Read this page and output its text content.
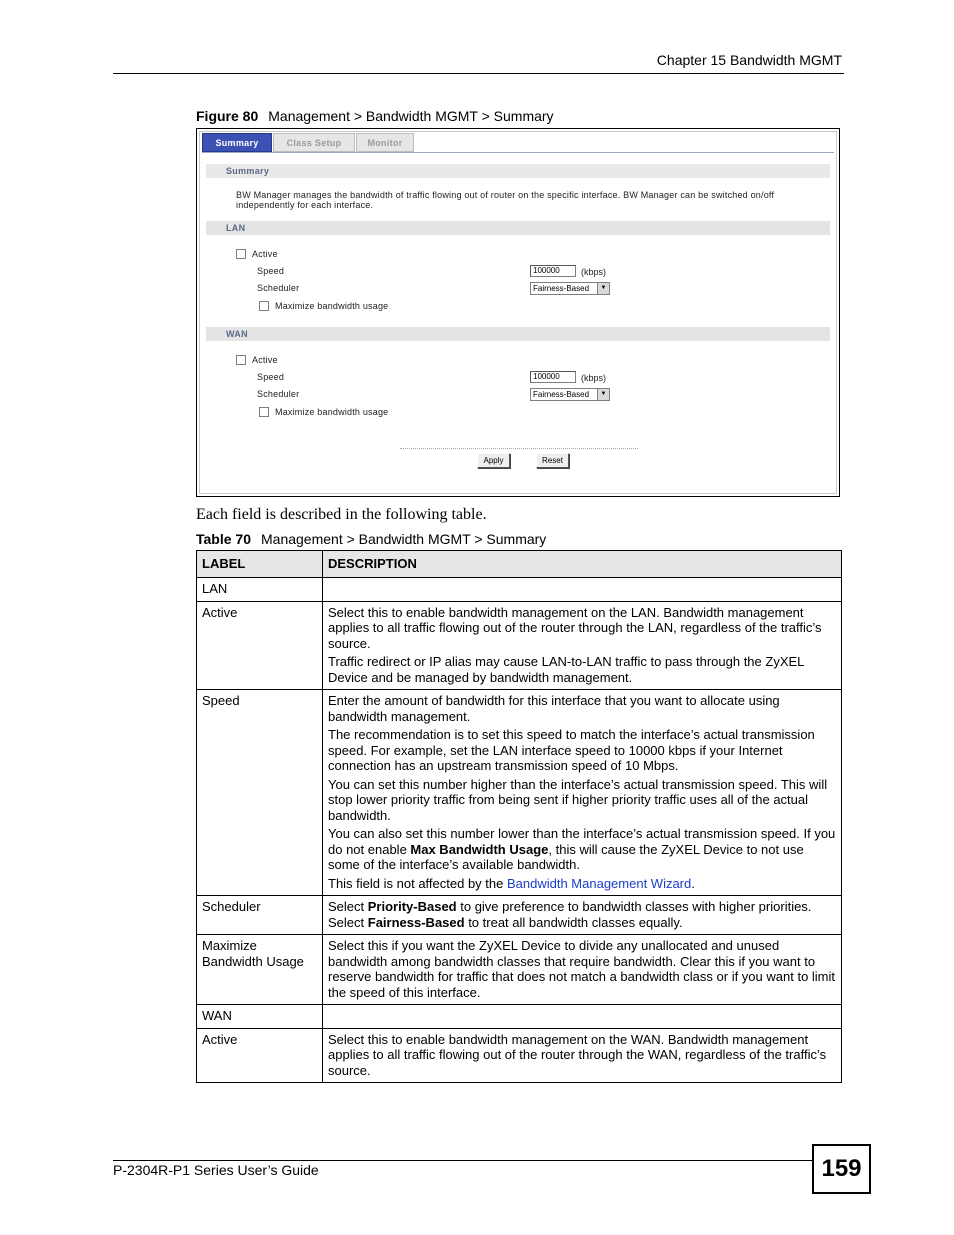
Chapter 15 Bandwidth MGMT
Figure 80 Management > Bandwidth MGMT > Summary
Summary	Class Setup	Monitor
Summary
BW Manager manages the bandwidth of traffic flowing out of router on the specific interface. BW Manager can be switched on/off independently for each interface.
LAN
Active
Speed	100000	(kbps)
Scheduler	Fairness-Based	▼
Maximize bandwidth usage
WAN
Active
Speed	100000	(kbps)
Scheduler	Fairness-Based	▼
Maximize bandwidth usage
Apply	Reset
Each field is described in the following table.
Table 70 Management > Bandwidth MGMT > Summary
LABEL	DESCRIPTION
LAN	
Active	Select this to enable bandwidth management on the LAN. Bandwidth management applies to all traffic flowing out of the router through the LAN, regardless of the traffic’s source.

Traffic redirect or IP alias may cause LAN-to-LAN traffic to pass through the ZyXEL Device and be managed by bandwidth management.

Speed	Enter the amount of bandwidth for this interface that you want to allocate using bandwidth management.

The recommendation is to set this speed to match the interface’s actual transmission speed. For example, set the LAN interface speed to 10000 kbps if your Internet connection has an upstream transmission speed of 10 Mbps.

You can set this number higher than the interface’s actual transmission speed. This will stop lower priority traffic from being sent if higher priority traffic uses all of the actual bandwidth.

You can also set this number lower than the interface’s actual transmission speed. If you do not enable Max Bandwidth Usage, this will cause the ZyXEL Device to not use some of the interface’s available bandwidth.

This field is not affected by the Bandwidth Management Wizard.

Scheduler	Select Priority-Based to give preference to bandwidth classes with higher priorities. Select Fairness-Based to treat all bandwidth classes equally.
Maximize Bandwidth Usage	Select this if you want the ZyXEL Device to divide any unallocated and unused bandwidth among bandwidth classes that require bandwidth. Clear this if you want to reserve bandwidth for traffic that does not match a bandwidth class or if you want to limit the speed of this interface.
WAN	
Active	Select this to enable bandwidth management on the WAN. Bandwidth management applies to all traffic flowing out of the router through the WAN, regardless of the traffic’s source.
P-2304R-P1 Series User’s Guide	159
